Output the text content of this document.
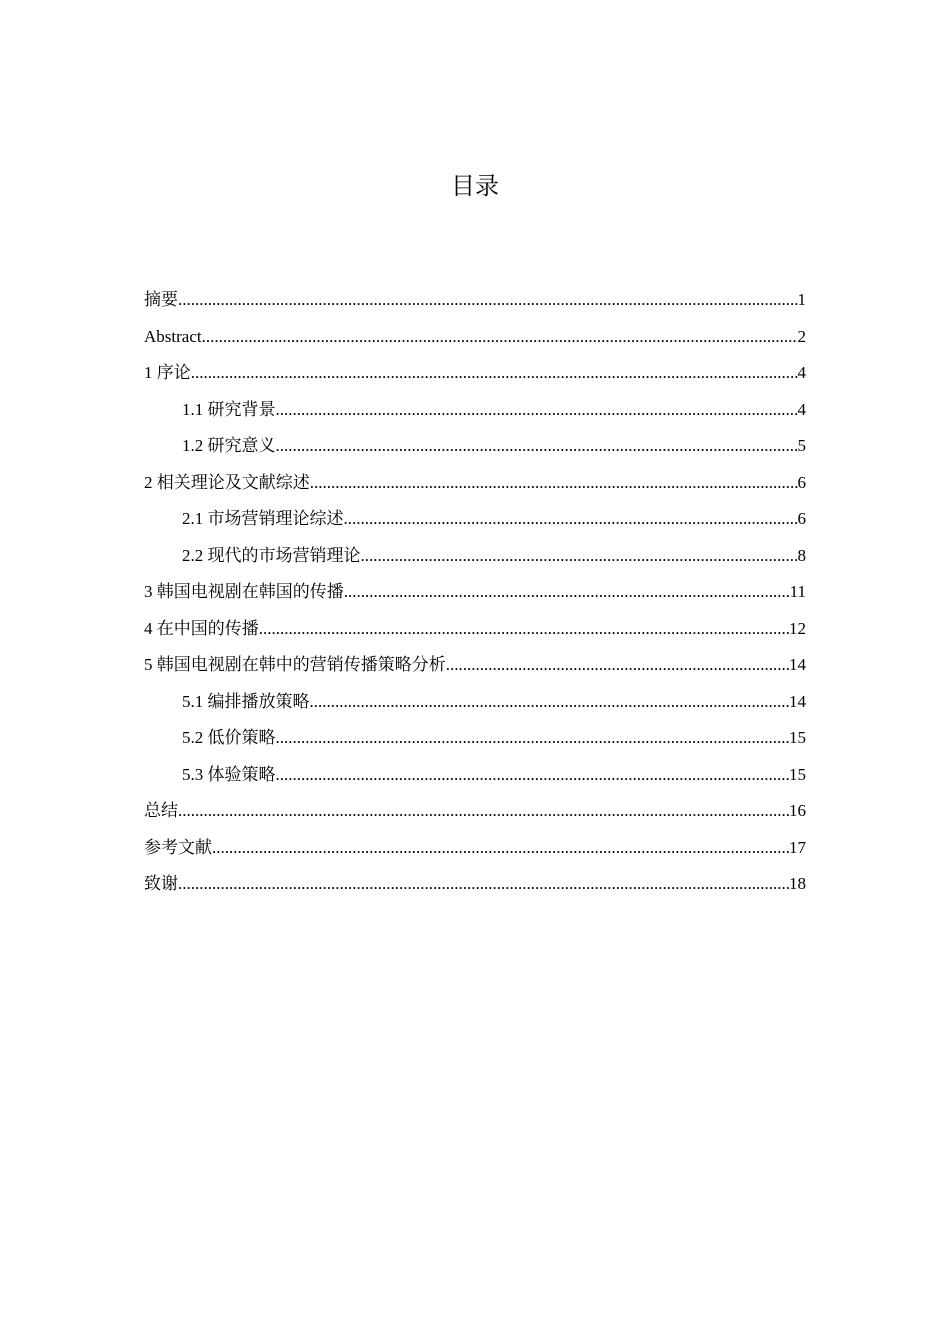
目录
摘要 .....	1
Abstract .....	2
1 序论 .....	4
1.1 研究背景 .....	4
1.2 研究意义 .....	5
2 相关理论及文献综述 .....	6
2.1 市场营销理论综述 .....	6
2.2 现代的市场营销理论 .....	8
3 韩国电视剧在韩国的传播 .....	11
4 在中国的传播 .....	12
5 韩国电视剧在韩中的营销传播策略分析 .....	14
5.1 编排播放策略 .....	14
5.2 低价策略 .....	15
5.3 体验策略 .....	15
总结 .....	16
参考文献 .....	17
致谢 .....	18
